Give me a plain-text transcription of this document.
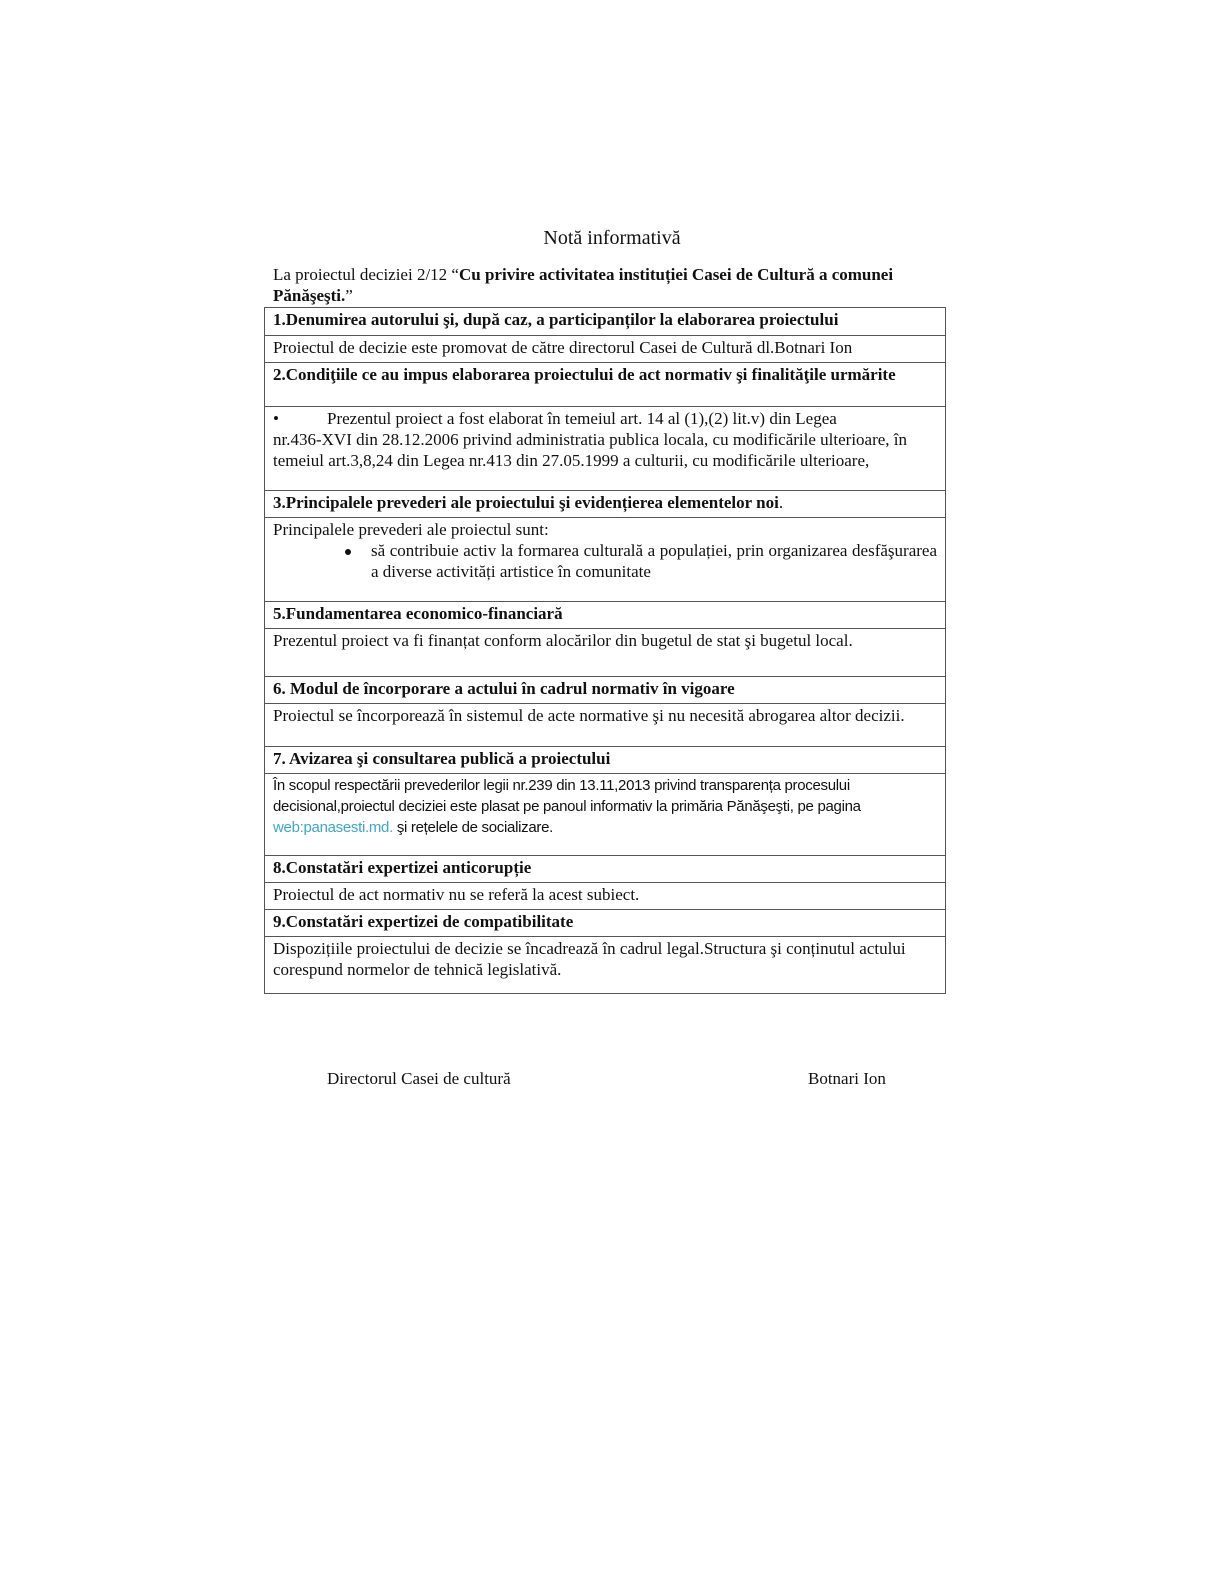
Notă informativă
La proiectul deciziei 2/12 “Cu privire activitatea instituției Casei de Cultură a comunei Pănăşeşti.”
1.Denumirea autorului şi, după caz, a participanților la elaborarea proiectului
Proiectul de decizie este promovat de către directorul Casei de Cultură dl.Botnari Ion
2.Condiţiile ce au impus elaborarea proiectului de act normativ şi finalităţile urmărite
•	Prezentul proiect a fost elaborat în temeiul art. 14 al (1),(2) lit.v) din Legea
nr.436-XVI din 28.12.2006 privind administratia publica locala, cu modificările ulterioare, în temeiul art.3,8,24 din Legea nr.413 din 27.05.1999 a culturii, cu modificările ulterioare,
3.Principalele prevederi ale proiectului şi evidențierea elementelor noi.
Principalele prevederi ale proiectul sunt:
să contribuie activ la formarea culturală a populației, prin organizarea desfăşurarea a diverse activități artistice în comunitate
5.Fundamentarea economico-financiară
Prezentul proiect va fi finanțat conform alocărilor din bugetul de stat şi bugetul local.
6. Modul de încorporare a actului în cadrul normativ în vigoare
Proiectul se încorporează în sistemul de acte normative şi nu necesită abrogarea altor decizii.
7. Avizarea şi consultarea publică a proiectului
În scopul respectării prevederilor legii nr.239 din 13.11,2013 privind transparența procesului decisional,proiectul deciziei este plasat pe panoul informativ la primăria Pănăşeşti, pe pagina web:panasesti.md. şi rețelele de socializare.
8.Constatări expertizei anticorupție
Proiectul de act normativ nu se referă la acest subiect.
9.Constatări expertizei de compatibilitate
Dispozițiile proiectului de decizie se încadrează în cadrul legal.Structura şi conținutul actului corespund normelor de tehnică legislativă.
Directorul Casei de cultură	Botnari Ion
